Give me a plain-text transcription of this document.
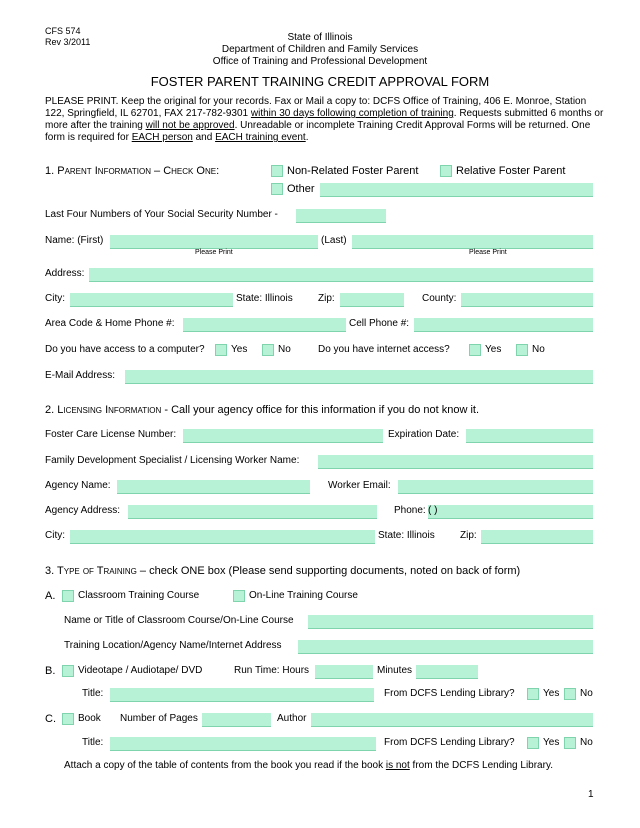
CFS 574
Rev 3/2011	State of Illinois
Department of Children and Family Services
Office of Training and Professional Development
FOSTER PARENT TRAINING CREDIT APPROVAL FORM
PLEASE PRINT. Keep the original for your records. Fax or Mail a copy to: DCFS Office of Training, 406 E. Monroe, Station
122, Springfield, IL 62701, FAX 217-782-9301 within 30 days following completion of training. Requests submitted 6 months or
more after the training will not be approved. Unreadable or incomplete Training Credit Approval Forms will be returned. One
form is required for EACH person and EACH training event.
1. Parent Information – Check One:	Non-Related Foster Parent	Relative Foster Parent
Other
Last Four Numbers of Your Social Security Number -
Name: (First)	(Last)
Please Print	Please Print
Address:
City:	State: Illinois	Zip:	County:
Area Code & Home Phone #:	Cell Phone #:
Do you have access to a computer?	Yes	No	Do you have internet access?	Yes	No
E-Mail Address:
2. Licensing Information - Call your agency office for this information if you do not know it.
Foster Care License Number:	Expiration Date:
Family Development Specialist / Licensing Worker Name:
Agency Name:	Worker Email:
Agency Address:	Phone: ( )
City:	State: Illinois	Zip:
3. Type of Training – check ONE box (Please send supporting documents, noted on back of form)
A. Classroom Training Course	On-Line Training Course
Name or Title of Classroom Course/On-Line Course
Training Location/Agency Name/Internet Address
B. Videotape / Audiotape/ DVD	Run Time: Hours	Minutes
Title:	From DCFS Lending Library?	Yes No
C. Book Number of Pages	Author
Title:	From DCFS Lending Library?	Yes No
Attach a copy of the table of contents from the book you read if the book is not from the DCFS Lending Library.
1
